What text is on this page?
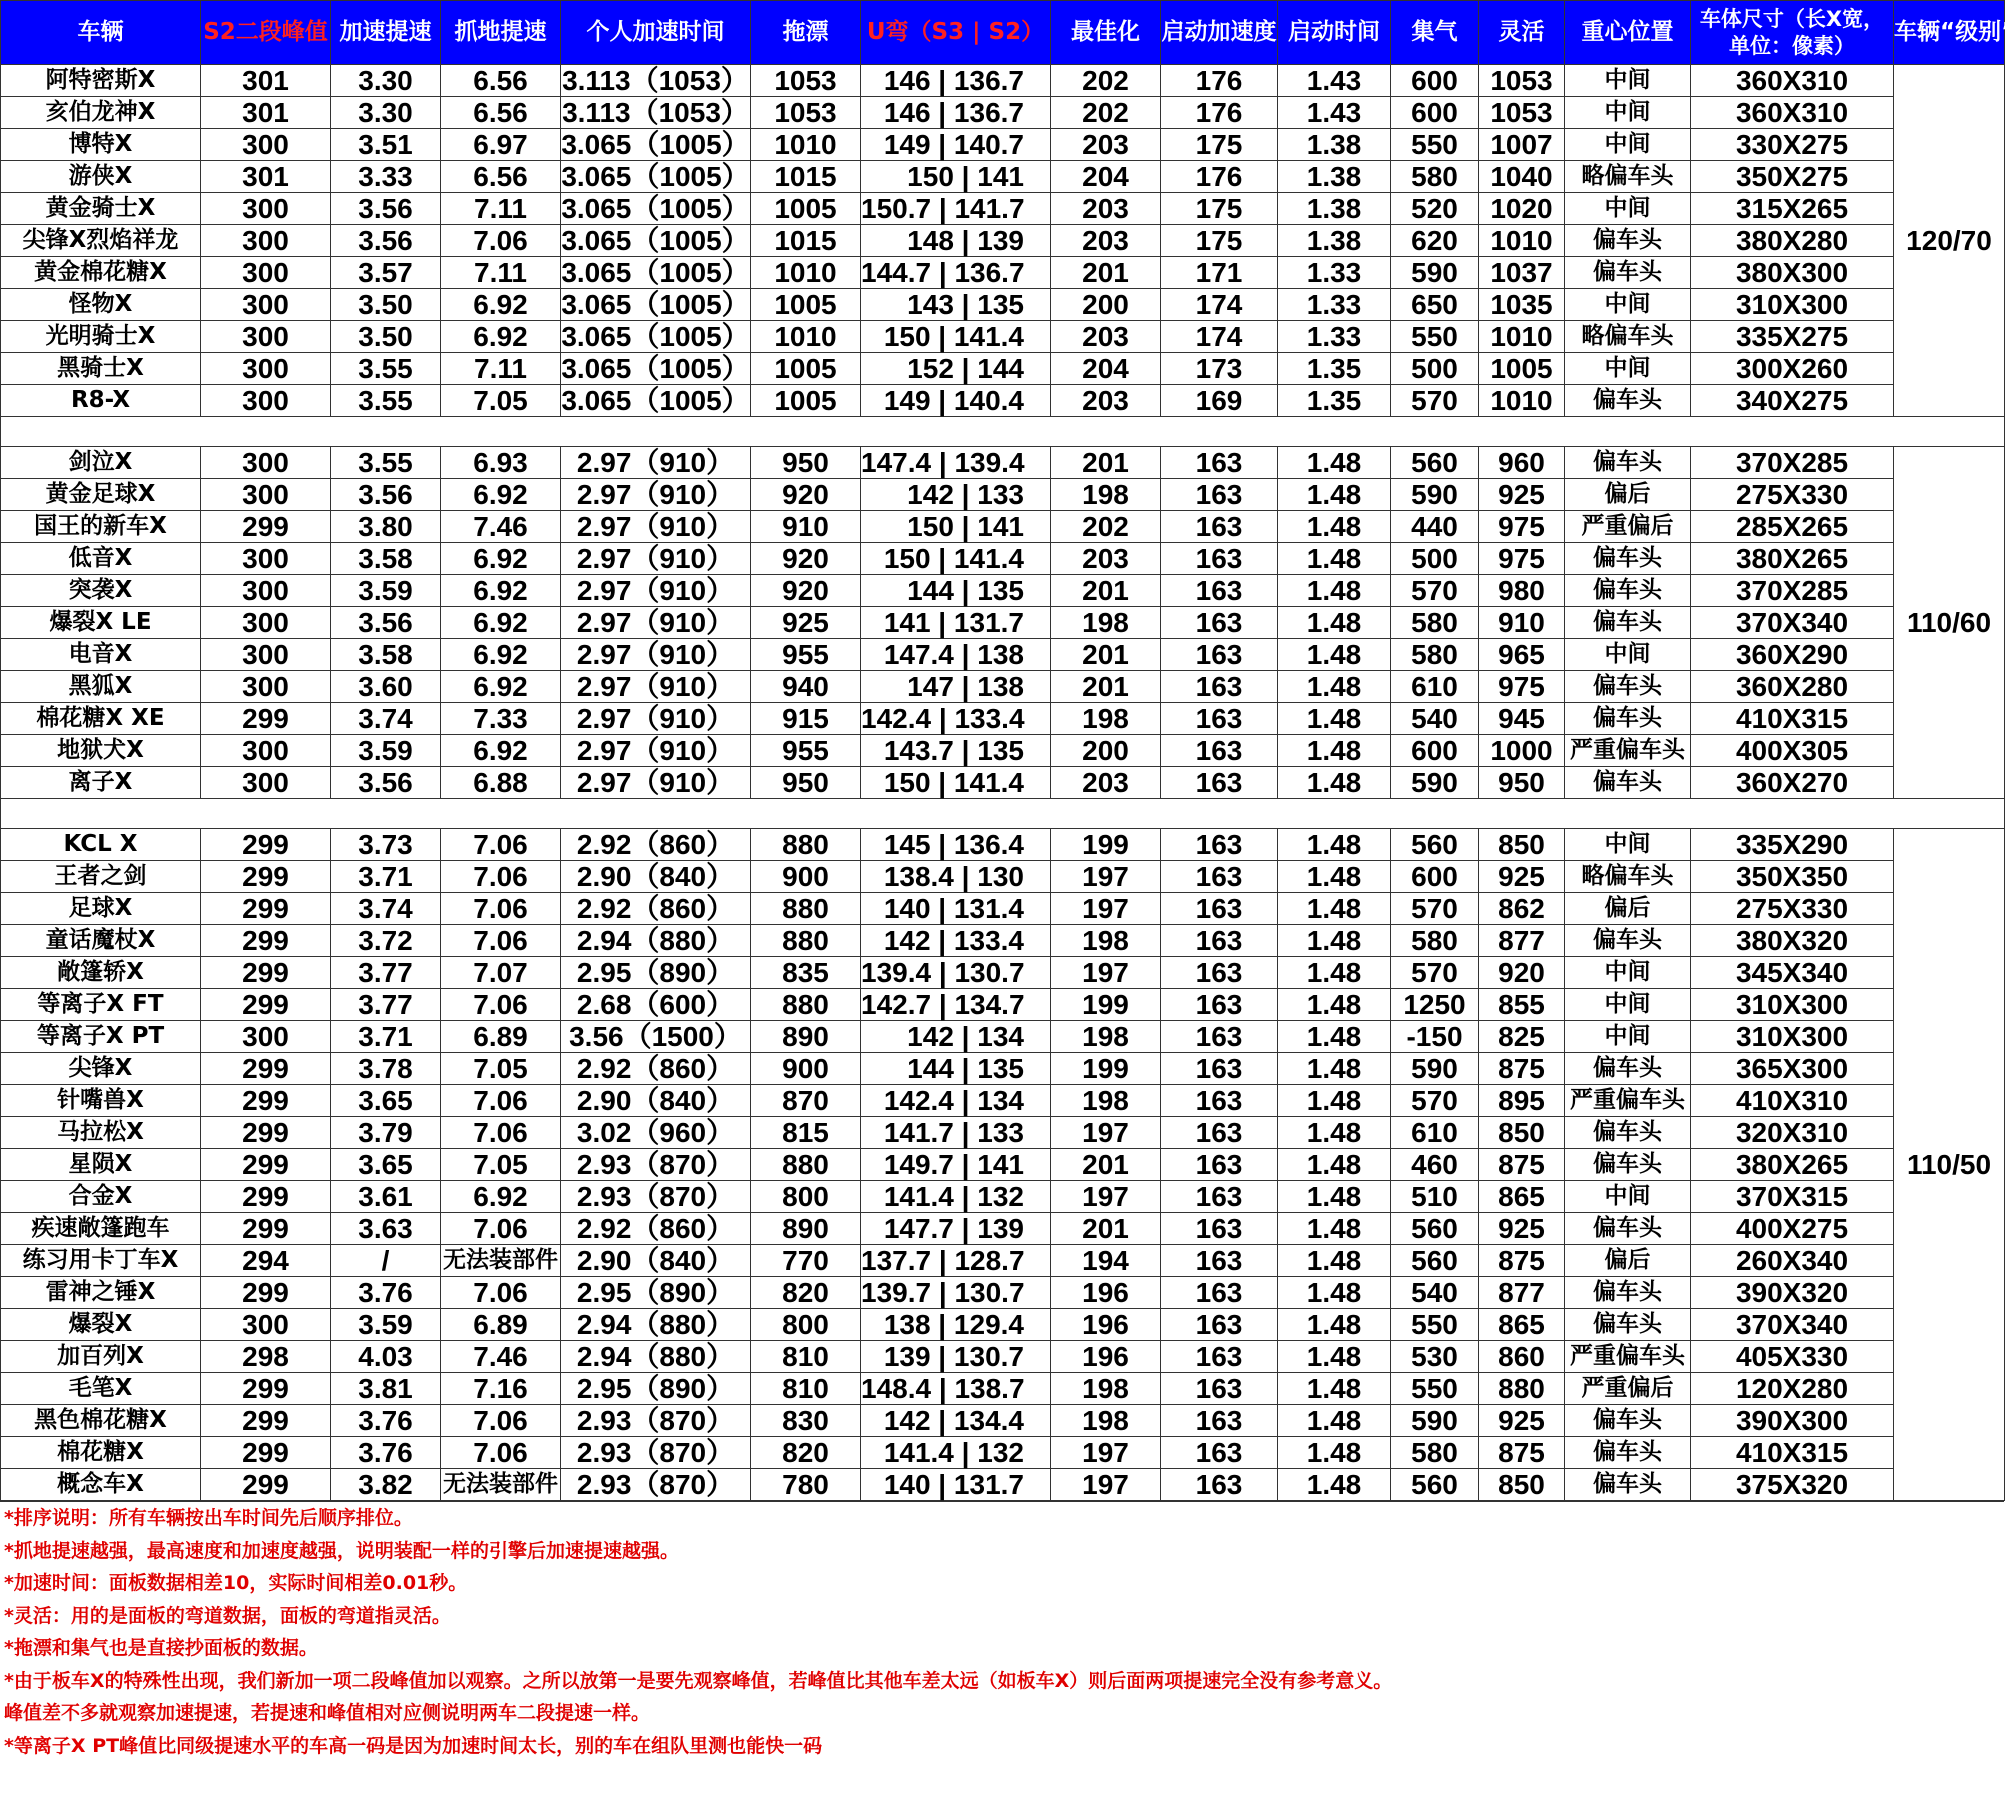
车辆	S2二段峰值	加速提速	抓地提速	个人加速时间	拖漂	U弯（S3 | S2）	最佳化	启动加速度	启动时间	集气	灵活	重心位置	车体尺寸（长X宽，单位：像素）	车辆“级别”
阿特密斯X	301	3.30	6.56	3.113（1053）	1053	146 | 136.7	202	176	1.43	600	1053	中间	360X310	120/70
亥伯龙神X	301	3.30	6.56	3.113（1053）	1053	146 | 136.7	202	176	1.43	600	1053	中间	360X310	
博特X	300	3.51	6.97	3.065（1005）	1010	149 | 140.7	203	175	1.38	550	1007	中间	330X275	
游侠X	301	3.33	6.56	3.065（1005）	1015	150 | 141	204	176	1.38	580	1040	略偏车头	350X275	
黄金骑士X	300	3.56	7.11	3.065（1005）	1005	150.7 | 141.7	203	175	1.38	520	1020	中间	315X265	
尖锋X烈焰祥龙	300	3.56	7.06	3.065（1005）	1015	148 | 139	203	175	1.38	620	1010	偏车头	380X280	
黄金棉花糖X	300	3.57	7.11	3.065（1005）	1010	144.7 | 136.7	201	171	1.33	590	1037	偏车头	380X300	
怪物X	300	3.50	6.92	3.065（1005）	1005	143 | 135	200	174	1.33	650	1035	中间	310X300	
光明骑士X	300	3.50	6.92	3.065（1005）	1010	150 | 141.4	203	174	1.33	550	1010	略偏车头	335X275	
黑骑士X	300	3.55	7.11	3.065（1005）	1005	152 | 144	204	173	1.35	500	1005	中间	300X260	
R8-X	300	3.55	7.05	3.065（1005）	1005	149 | 140.4	203	169	1.35	570	1010	偏车头	340X275	

剑泣X	300	3.55	6.93	2.97（910）	950	147.4 | 139.4	201	163	1.48	560	960	偏车头	370X285	110/60
黄金足球X	300	3.56	6.92	2.97（910）	920	142 | 133	198	163	1.48	590	925	偏后	275X330	
国王的新车X	299	3.80	7.46	2.97（910）	910	150 | 141	202	163	1.48	440	975	严重偏后	285X265	
低音X	300	3.58	6.92	2.97（910）	920	150 | 141.4	203	163	1.48	500	975	偏车头	380X265	
突袭X	300	3.59	6.92	2.97（910）	920	144 | 135	201	163	1.48	570	980	偏车头	370X285	
爆裂X LE	300	3.56	6.92	2.97（910）	925	141 | 131.7	198	163	1.48	580	910	偏车头	370X340	
电音X	300	3.58	6.92	2.97（910）	955	147.4 | 138	201	163	1.48	580	965	中间	360X290	
黑狐X	300	3.60	6.92	2.97（910）	940	147 | 138	201	163	1.48	610	975	偏车头	360X280	
棉花糖X XE	299	3.74	7.33	2.97（910）	915	142.4 | 133.4	198	163	1.48	540	945	偏车头	410X315	
地狱犬X	300	3.59	6.92	2.97（910）	955	143.7 | 135	200	163	1.48	600	1000	严重偏车头	400X305	
离子X	300	3.56	6.88	2.97（910）	950	150 | 141.4	203	163	1.48	590	950	偏车头	360X270	

KCL X	299	3.73	7.06	2.92（860）	880	145 | 136.4	199	163	1.48	560	850	中间	335X290	110/50
王者之剑	299	3.71	7.06	2.90（840）	900	138.4 | 130	197	163	1.48	600	925	略偏车头	350X350	
足球X	299	3.74	7.06	2.92（860）	880	140 | 131.4	197	163	1.48	570	862	偏后	275X330	
童话魔杖X	299	3.72	7.06	2.94（880）	880	142 | 133.4	198	163	1.48	580	877	偏车头	380X320	
敞篷轿X	299	3.77	7.07	2.95（890）	835	139.4 | 130.7	197	163	1.48	570	920	中间	345X340	
等离子X FT	299	3.77	7.06	2.68（600）	880	142.7 | 134.7	199	163	1.48	1250	855	中间	310X300	
等离子X PT	300	3.71	6.89	3.56（1500）	890	142 | 134	198	163	1.48	-150	825	中间	310X300	
尖锋X	299	3.78	7.05	2.92（860）	900	144 | 135	199	163	1.48	590	875	偏车头	365X300	
针嘴兽X	299	3.65	7.06	2.90（840）	870	142.4 | 134	198	163	1.48	570	895	严重偏车头	410X310	
马拉松X	299	3.79	7.06	3.02（960）	815	141.7 | 133	197	163	1.48	610	850	偏车头	320X310	
星陨X	299	3.65	7.05	2.93（870）	880	149.7 | 141	201	163	1.48	460	875	偏车头	380X265	
合金X	299	3.61	6.92	2.93（870）	800	141.4 | 132	197	163	1.48	510	865	中间	370X315	
疾速敞篷跑车	299	3.63	7.06	2.92（860）	890	147.7 | 139	201	163	1.48	560	925	偏车头	400X275	
练习用卡丁车X	294	/	无法装部件	2.90（840）	770	137.7 | 128.7	194	163	1.48	560	875	偏后	260X340	
雷神之锤X	299	3.76	7.06	2.95（890）	820	139.7 | 130.7	196	163	1.48	540	877	偏车头	390X320	
爆裂X	300	3.59	6.89	2.94（880）	800	138 | 129.4	196	163	1.48	550	865	偏车头	370X340	
加百列X	298	4.03	7.46	2.94（880）	810	139 | 130.7	196	163	1.48	530	860	严重偏车头	405X330	
毛笔X	299	3.81	7.16	2.95（890）	810	148.4 | 138.7	198	163	1.48	550	880	严重偏后	120X280	
黑色棉花糖X	299	3.76	7.06	2.93（870）	830	142 | 134.4	198	163	1.48	590	925	偏车头	390X300	
棉花糖X	299	3.76	7.06	2.93（870）	820	141.4 | 132	197	163	1.48	580	875	偏车头	410X315	
概念车X	299	3.82	无法装部件	2.93（870）	780	140 | 131.7	197	163	1.48	560	850	偏车头	375X320	
*排序说明：所有车辆按出车时间先后顺序排位。
*抓地提速越强，最高速度和加速度越强，说明装配一样的引擎后加速提速越强。
*加速时间：面板数据相差10，实际时间相差0.01秒。
*灵活：用的是面板的弯道数据，面板的弯道指灵活。
*拖漂和集气也是直接抄面板的数据。
*由于板车X的特殊性出现，我们新加一项二段峰值加以观察。之所以放第一是要先观察峰值，若峰值比其他车差太远（如板车X）则后面两项提速完全没有参考意义。
峰值差不多就观察加速提速，若提速和峰值相对应侧说明两车二段提速一样。
*等离子X PT峰值比同级提速水平的车高一码是因为加速时间太长，别的车在组队里测也能快一码
